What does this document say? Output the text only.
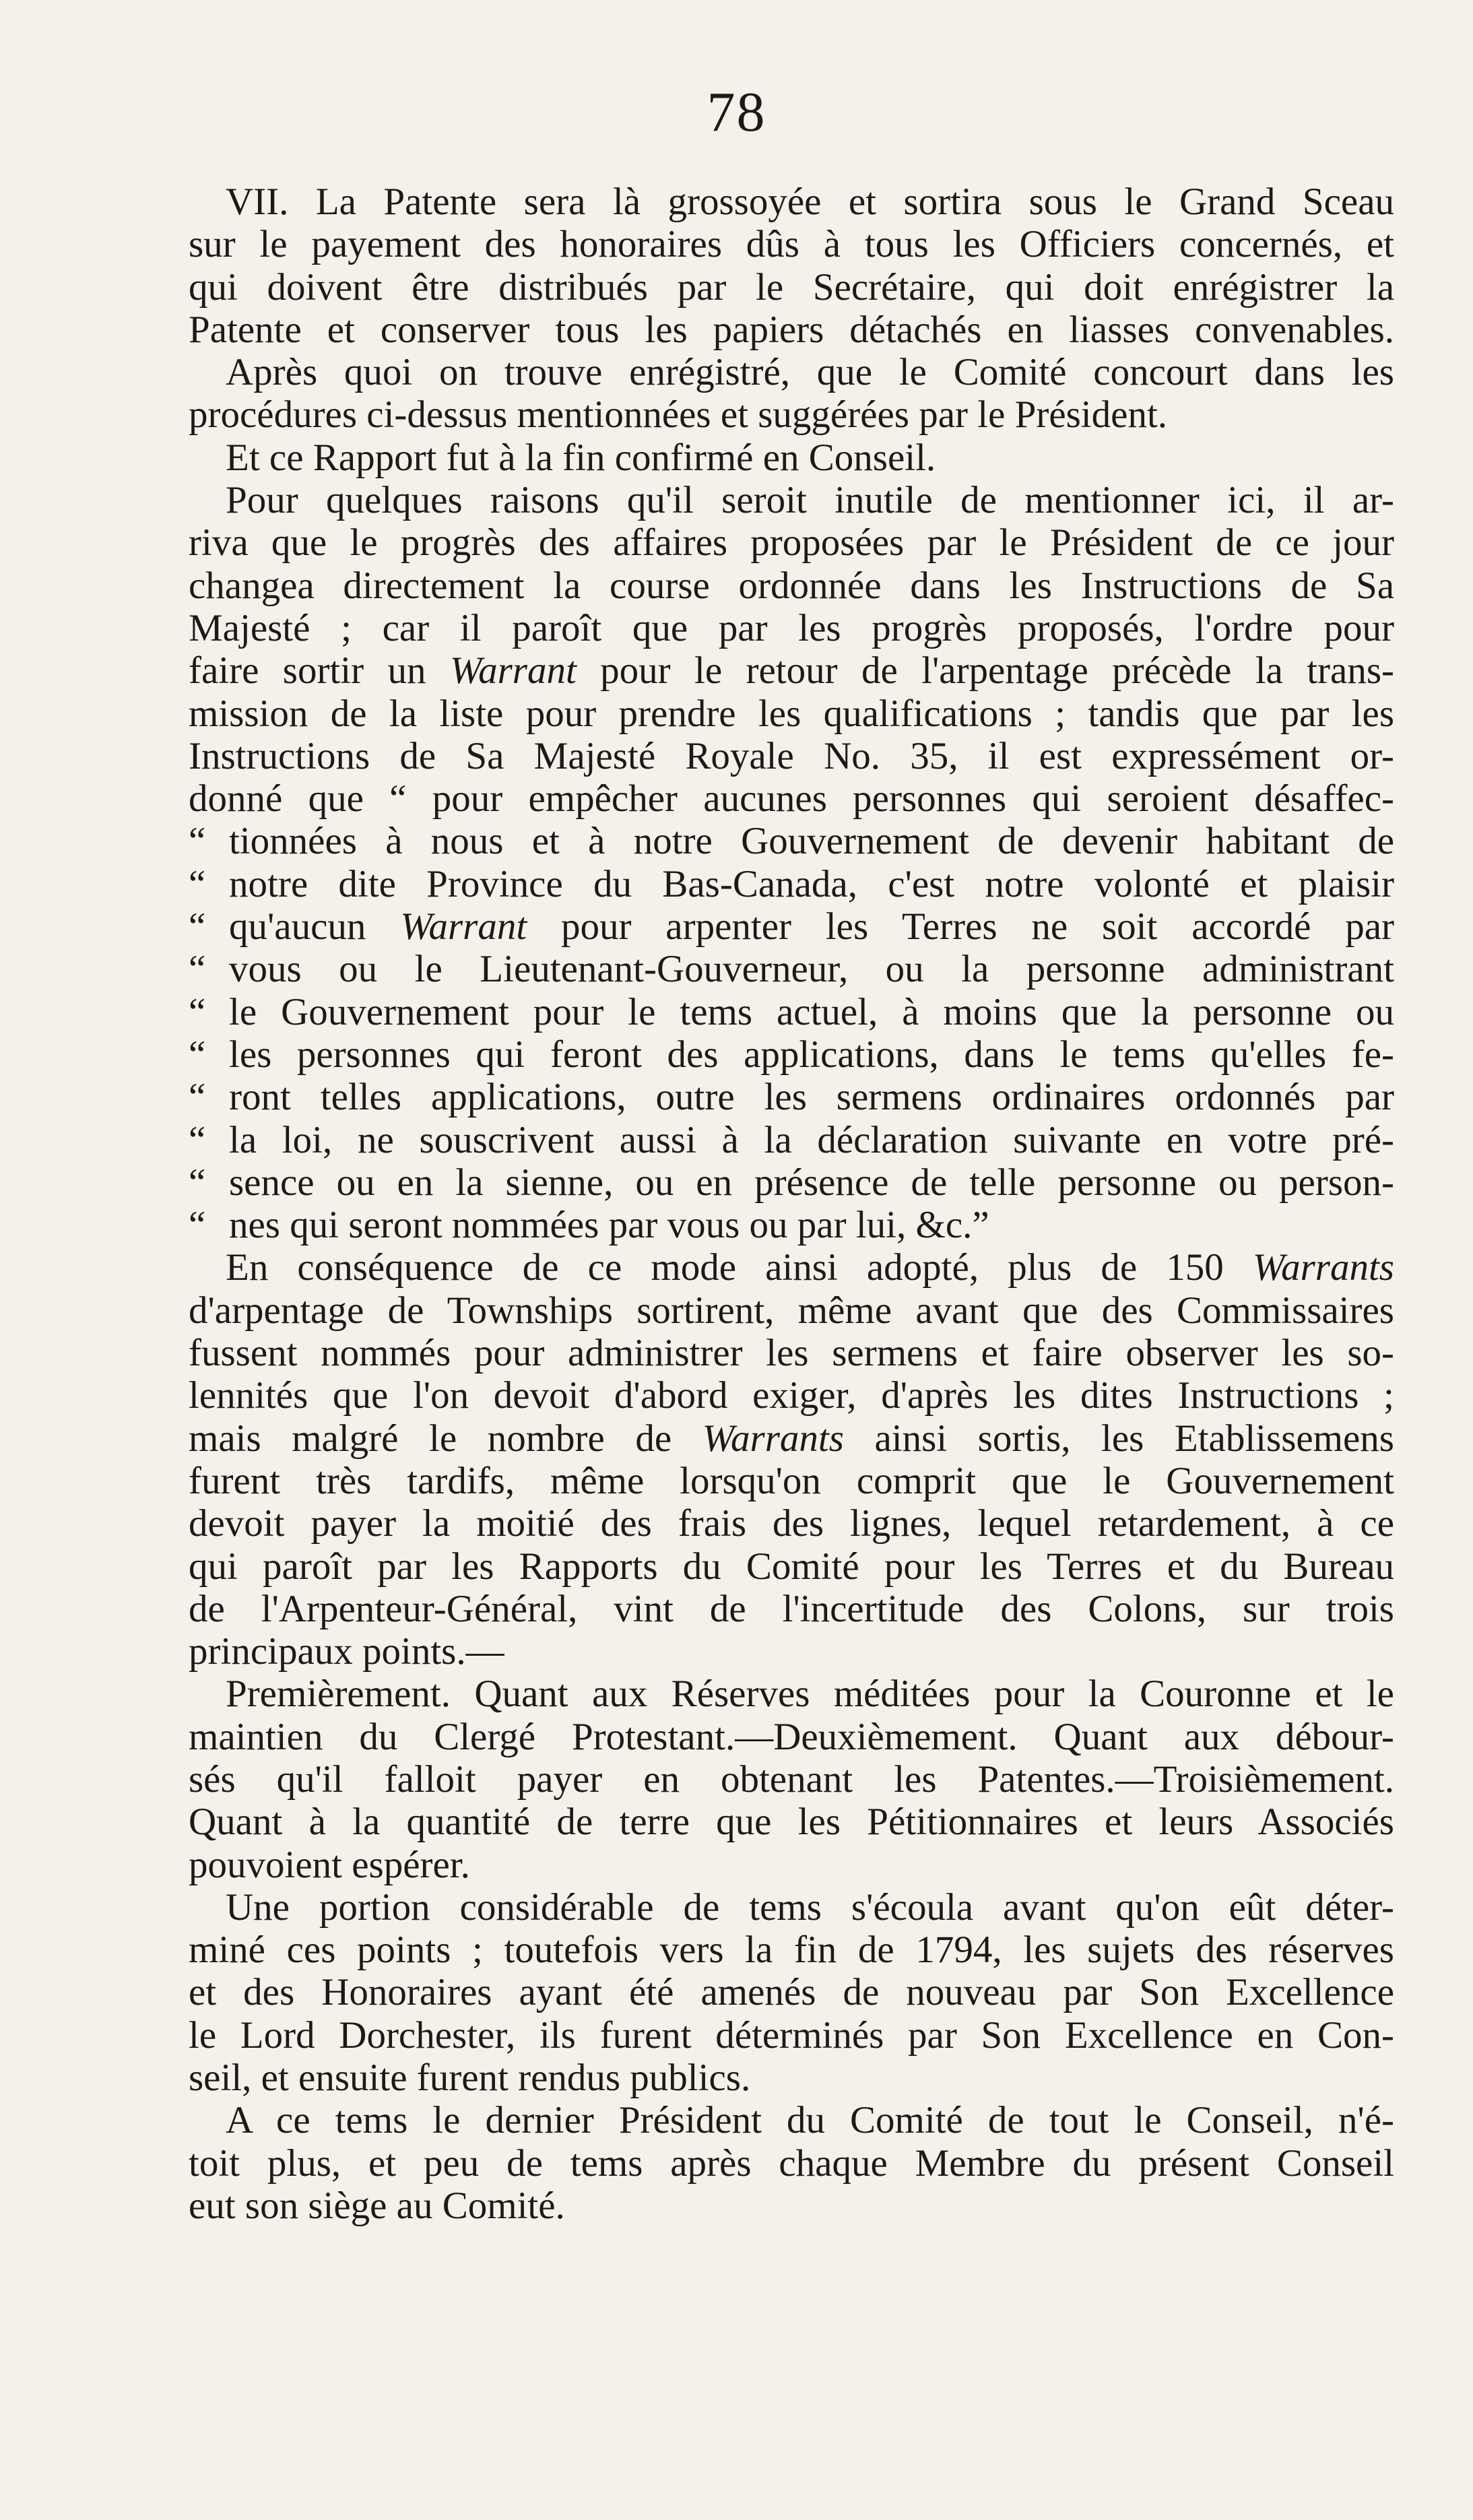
78
VII. La Patente sera là grossoyée et sortira sous le Grand Sceau
sur le payement des honoraires dûs à tous les Officiers concernés, et
qui doivent être distribués par le Secrétaire, qui doit enrégistrer la
Patente et conserver tous les papiers détachés en liasses convenables.
Après quoi on trouve enrégistré, que le Comité concourt dans les
procédures ci-dessus mentionnées et suggérées par le Président.
Et ce Rapport fut à la fin confirmé en Conseil.
Pour quelques raisons qu'il seroit inutile de mentionner ici, il ar-
riva que le progrès des affaires proposées par le Président de ce jour
changea directement la course ordonnée dans les Instructions de Sa
Majesté ; car il paroît que par les progrès proposés, l'ordre pour
faire sortir un Warrant pour le retour de l'arpentage précède la trans-
mission de la liste pour prendre les qualifications ; tandis que par les
Instructions de Sa Majesté Royale No. 35, il est expressément or-
donné que “ pour empêcher aucunes personnes qui seroient désaffec-
“ tionnées à nous et à notre Gouvernement de devenir habitant de
“ notre dite Province du Bas-Canada, c'est notre volonté et plaisir
“ qu'aucun Warrant pour arpenter les Terres ne soit accordé par
“ vous ou le Lieutenant-Gouverneur, ou la personne administrant
“ le Gouvernement pour le tems actuel, à moins que la personne ou
“ les personnes qui feront des applications, dans le tems qu'elles fe-
“ ront telles applications, outre les sermens ordinaires ordonnés par
“ la loi, ne souscrivent aussi à la déclaration suivante en votre pré-
“ sence ou en la sienne, ou en présence de telle personne ou person-
“ nes qui seront nommées par vous ou par lui, &c.”
En conséquence de ce mode ainsi adopté, plus de 150 Warrants
d'arpentage de Townships sortirent, même avant que des Commissaires
fussent nommés pour administrer les sermens et faire observer les so-
lennités que l'on devoit d'abord exiger, d'après les dites Instructions ;
mais malgré le nombre de Warrants ainsi sortis, les Etablissemens
furent très tardifs, même lorsqu'on comprit que le Gouvernement
devoit payer la moitié des frais des lignes, lequel retardement, à ce
qui paroît par les Rapports du Comité pour les Terres et du Bureau
de l'Arpenteur-Général, vint de l'incertitude des Colons, sur trois
principaux points.—
Premièrement. Quant aux Réserves méditées pour la Couronne et le
maintien du Clergé Protestant.—Deuxièmement. Quant aux débour-
sés qu'il falloit payer en obtenant les Patentes.—Troisièmement.
Quant à la quantité de terre que les Pétitionnaires et leurs Associés
pouvoient espérer.
Une portion considérable de tems s'écoula avant qu'on eût déter-
miné ces points ; toutefois vers la fin de 1794, les sujets des réserves
et des Honoraires ayant été amenés de nouveau par Son Excellence
le Lord Dorchester, ils furent déterminés par Son Excellence en Con-
seil, et ensuite furent rendus publics.
A ce tems le dernier Président du Comité de tout le Conseil, n'é-
toit plus, et peu de tems après chaque Membre du présent Conseil
eut son siège au Comité.
